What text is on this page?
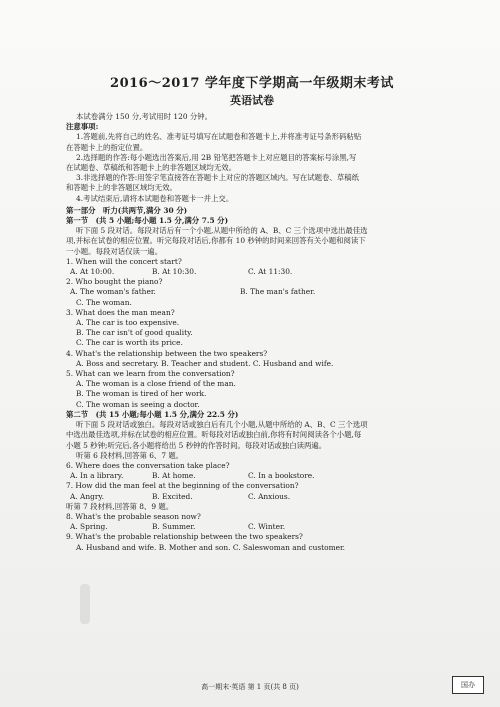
2016～2017 学年度下学期高一年级期末考试
英语试卷
本试卷满分 150 分,考试用时 120 分钟。
注意事项:
1.答题前,先将自己的姓名、准考证号填写在试题卷和答题卡上,并将准考证号条形码粘贴
在答题卡上的指定位置。
2.选择题的作答:每小题选出答案后,用 2B 铅笔把答题卡上对应题目的答案标号涂黑,写
在试题卷、草稿纸和答题卡上的非答题区域均无效。
3.非选择题的作答:用签字笔直接答在答题卡上对应的答题区域内。写在试题卷、草稿纸
和答题卡上的非答题区域均无效。
4.考试结束后,请将本试题卷和答题卡一并上交。
第一部分　听力(共两节,满分 30 分)
第一节　(共 5 小题;每小题 1.5 分,满分 7.5 分)
听下面 5 段对话。每段对话后有一个小题,从题中所给的 A、B、C 三个选项中选出最佳选
项,并标在试卷的相应位置。听完每段对话后,你都有 10 秒钟的时间来回答有关小题和阅读下
一小题。每段对话仅读一遍。
1. When will the concert start?
A. At 10:00.	B. At 10:30.	C. At 11:30.
2. Who bought the piano?
A. The woman's father.	B. The man's father.
C. The woman.
3. What does the man mean?
A. The car is too expensive.
B. The car isn't of good quality.
C. The car is worth its price.
4. What's the relationship between the two speakers?
A. Boss and secretary. B. Teacher and student. C. Husband and wife.
5. What can we learn from the conversation?
A. The woman is a close friend of the man.
B. The woman is tired of her work.
C. The woman is seeing a doctor.
第二节　(共 15 小题;每小题 1.5 分,满分 22.5 分)
听下面 5 段对话或独白。每段对话或独白后有几个小题,从题中所给的 A、B、C 三个选项
中选出最佳选项,并标在试卷的相应位置。听每段对话或独白前,你将有时间阅读各个小题,每
小题 5 秒钟;听完后,各小题将给出 5 秒钟的作答时间。每段对话或独白读两遍。
听第 6 段材料,回答第 6、7 题。
6. Where does the conversation take place?
A. In a library.	B. At home.	C. In a bookstore.
7. How did the man feel at the beginning of the conversation?
A. Angry.	B. Excited.	C. Anxious.
听第 7 段材料,回答第 8、9 题。
8. What's the probable season now?
A. Spring.	B. Summer.	C. Winter.
9. What's the probable relationship between the two speakers?
A. Husband and wife. B. Mother and son. C. Saleswoman and customer.
高一期末·英语 第 1 页(共 8 页)	国办
